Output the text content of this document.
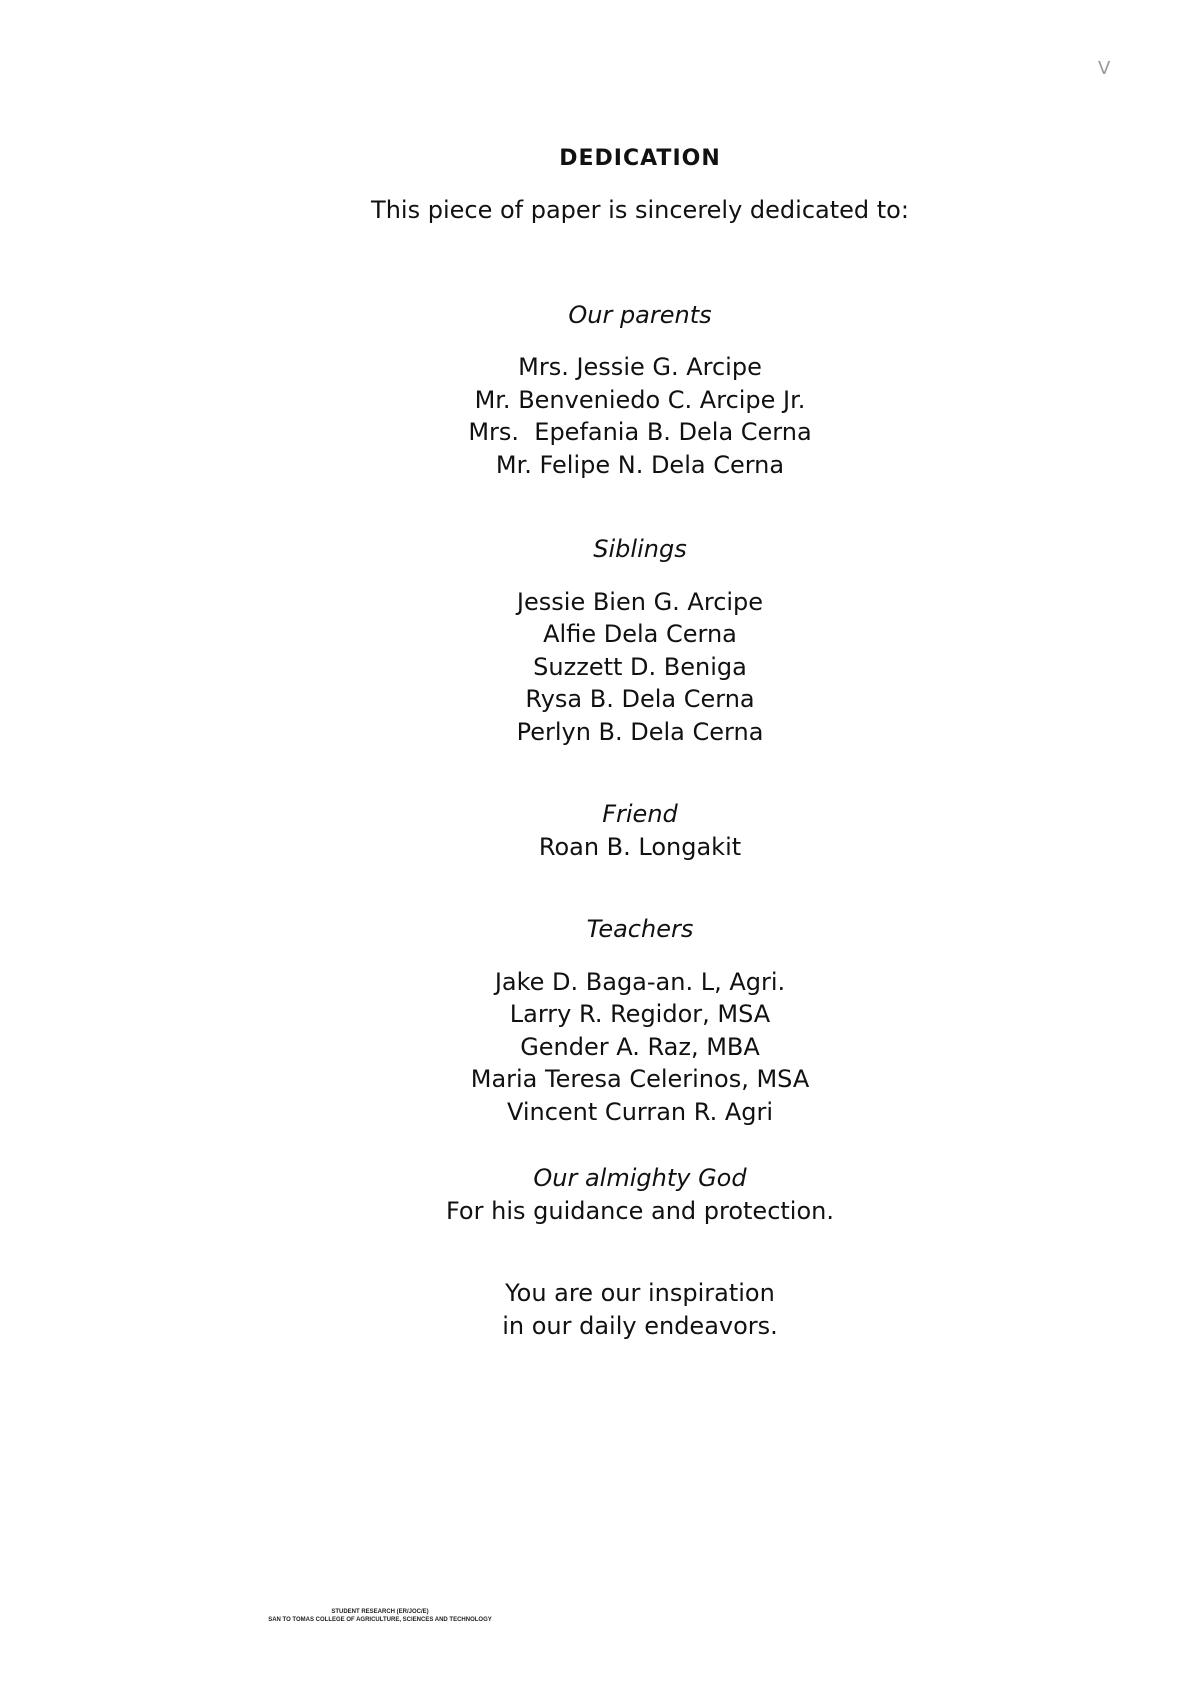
V
DEDICATION
This piece of paper is sincerely dedicated to:
Our parents
Mrs. Jessie G. Arcipe
Mr. Benveniedo C. Arcipe Jr.
Mrs.  Epefania B. Dela Cerna
Mr. Felipe N. Dela Cerna
Siblings
Jessie Bien G. Arcipe
Alfie Dela Cerna
Suzzett D. Beniga
Rysa B. Dela Cerna
Perlyn B. Dela Cerna
Friend
Roan B. Longakit
Teachers
Jake D. Baga-an. L, Agri.
Larry R. Regidor, MSA
Gender A. Raz, MBA
Maria Teresa Celerinos, MSA
Vincent Curran R. Agri
Our almighty God
For his guidance and protection.
You are our inspiration
in our daily endeavors.
STUDENT RESEARCH (ER/JOC/E)
SAN TO TOMAS COLLEGE OF AGRICULTURE, SCIENCES AND TECHNOLOGY
